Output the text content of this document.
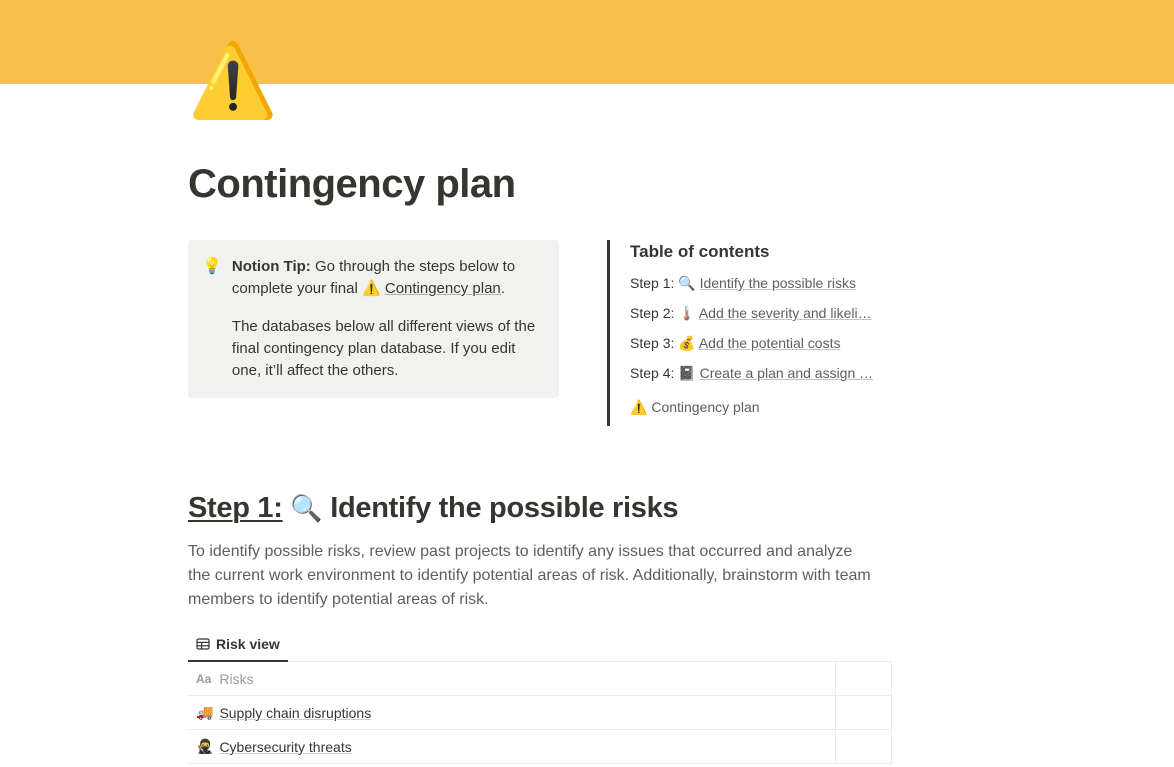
⚠️
Contingency plan
💡 Notion Tip: Go through the steps below to complete your final ⚠️ Contingency plan.

The databases below all different views of the final contingency plan database. If you edit one, it’ll affect the others.

Table of contents
Step 1: 🔍 Identify the possible risks
Step 2: 🌡️ Add the severity and likeli…
Step 3: 💰 Add the potential costs
Step 4: 📓 Create a plan and assign …
⚠️ Contingency plan
Step 1: 🔍 Identify the possible risks

To identify possible risks, review past projects to identify any issues that occurred and analyze the current work environment to identify potential areas of risk. Additionally, brainstorm with team members to identify potential areas of risk.

Risk view
Aa Risks
🚚 Supply chain disruptions
🥷 Cybersecurity threats
